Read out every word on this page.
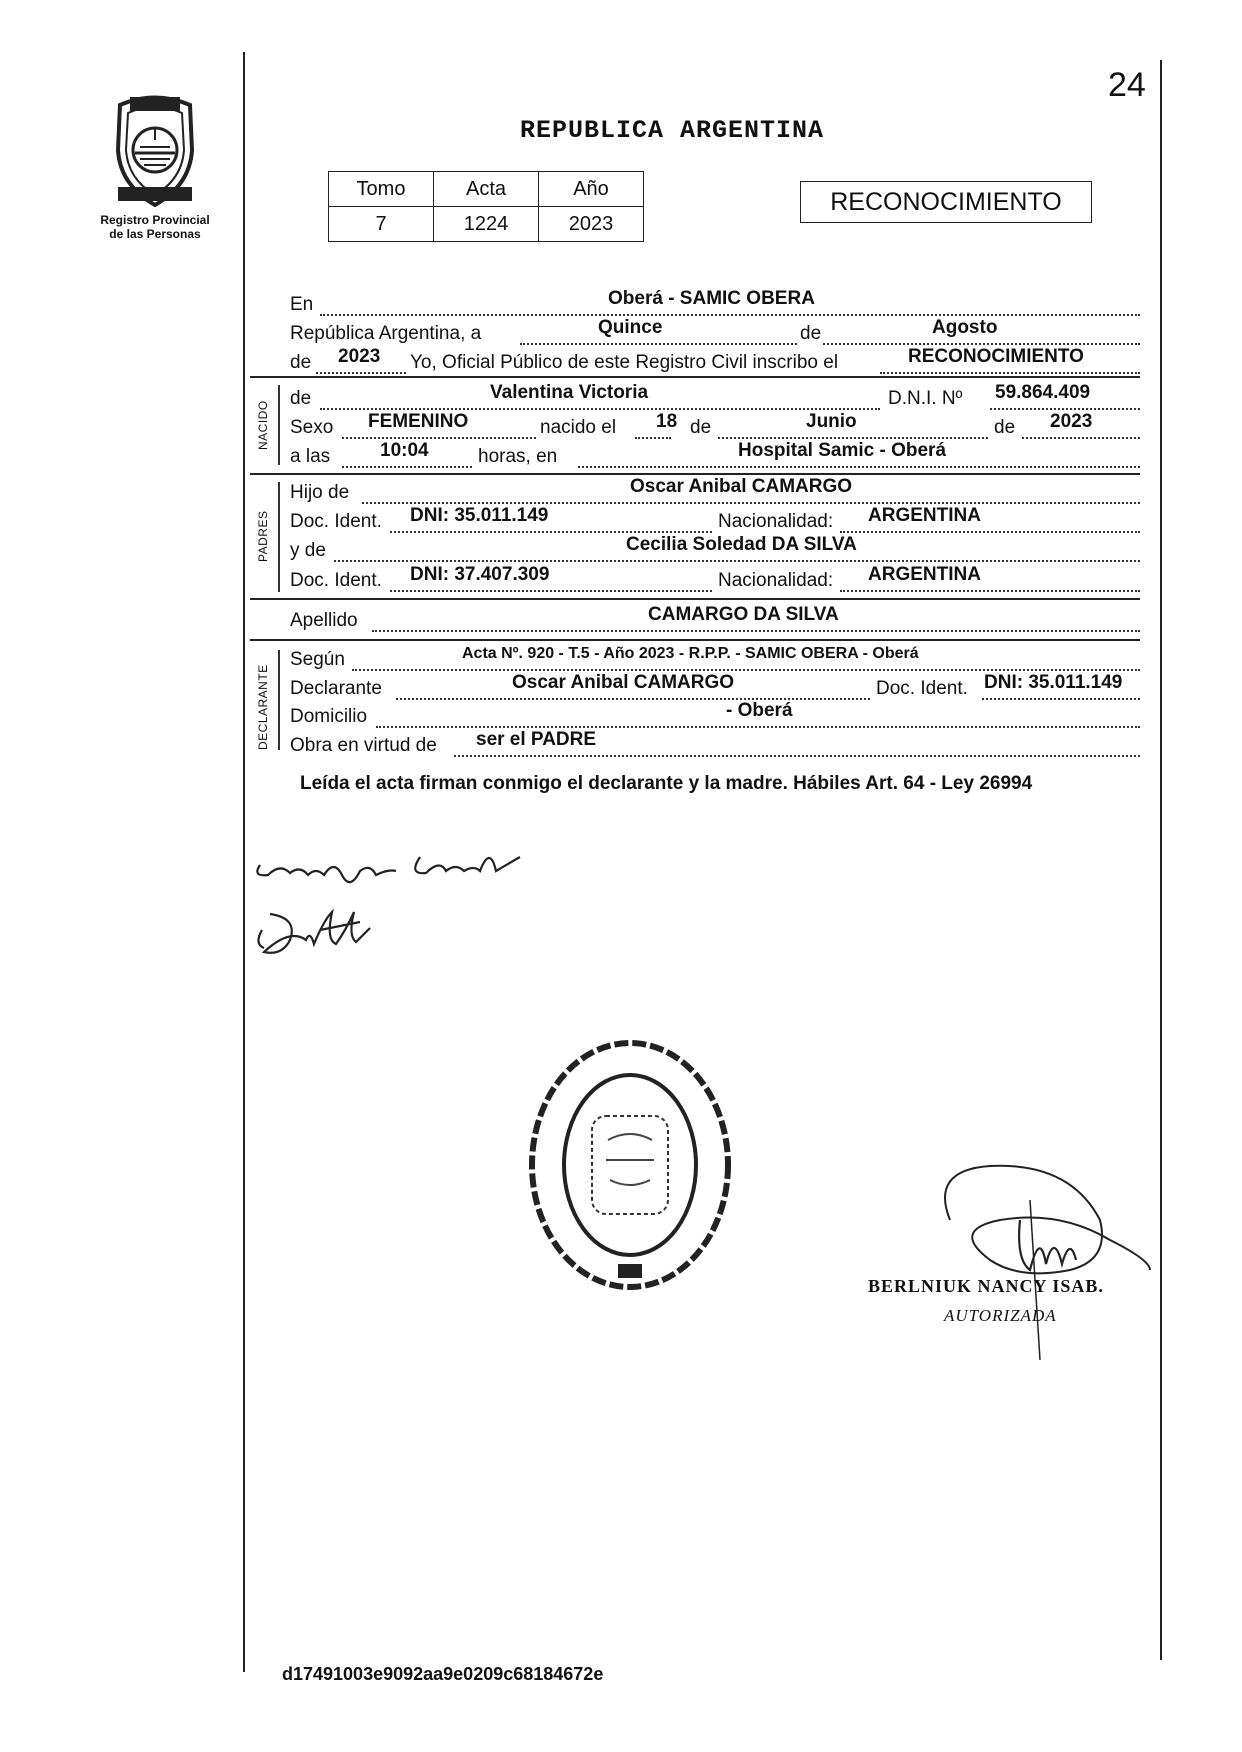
24
Registro Provincial
de las Personas
REPUBLICA ARGENTINA
Tomo	Acta	Año
7	1224	2023
RECONOCIMIENTO
En	Oberá - SAMIC OBERA
República Argentina, a	Quince	de	Agosto
de 2023 Yo, Oficial Público de este Registro Civil inscribo el	RECONOCIMIENTO
NACIDO
de	Valentina Victoria	D.N.I. Nº 59.864.409
Sexo FEMENINO	nacido el 18 de	Junio	de 2023
a las	10:04	horas, en	Hospital Samic - Oberá
PADRES
Hijo de	Oscar Anibal CAMARGO
Doc. Ident. DNI: 35.011.149	Nacionalidad: ARGENTINA
y de	Cecilia Soledad DA SILVA
Doc. Ident. DNI: 37.407.309	Nacionalidad: ARGENTINA
Apellido	CAMARGO DA SILVA
DECLARANTE
Según	Acta Nº. 920 - T.5 - Año 2023 - R.P.P. - SAMIC OBERA - Oberá
Declarante	Oscar Anibal CAMARGO	Doc. Ident. DNI: 35.011.149
Domicilio	- Oberá
Obra en virtud de ser el PADRE
Leída el acta firman conmigo el declarante y la madre. Hábiles Art. 64 - Ley 26994
BERLNIUK NANCY ISAB.
AUTORIZADA
d17491003e9092aa9e0209c68184672e
